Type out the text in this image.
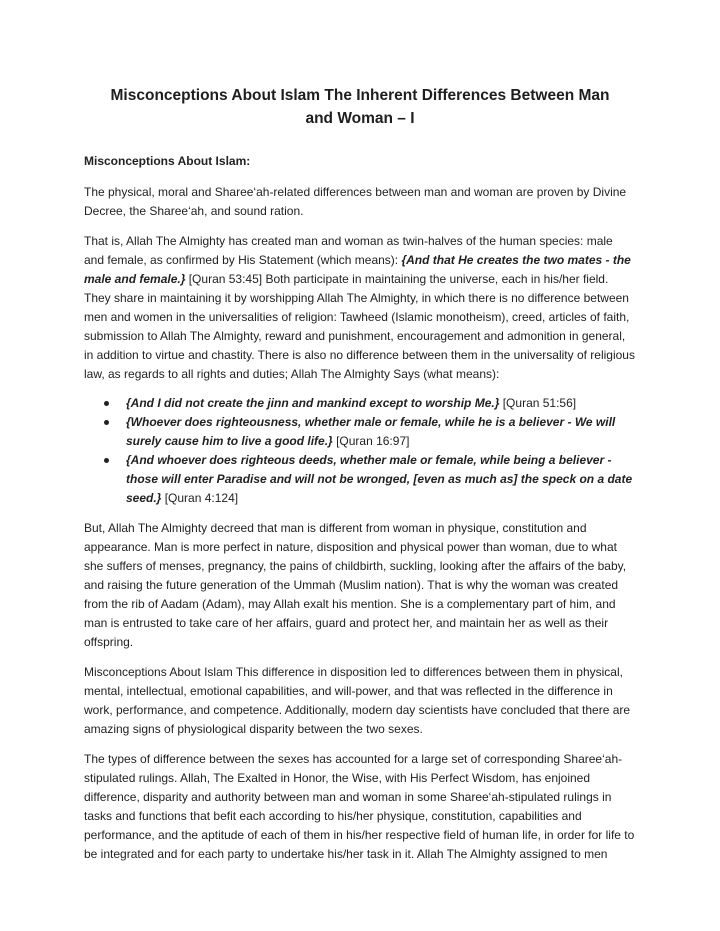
Misconceptions About Islam The Inherent Differences Between Man and Woman – I
Misconceptions About Islam:

The physical, moral and Sharee‘ah-related differences between man and woman are proven by Divine Decree, the Sharee‘ah, and sound ration.

That is, Allah The Almighty has created man and woman as twin-halves of the human species: male and female, as confirmed by His Statement (which means): {And that He creates the two mates - the male and female.} [Quran 53:45] Both participate in maintaining the universe, each in his/her field. They share in maintaining it by worshipping Allah The Almighty, in which there is no difference between men and women in the universalities of religion: Tawheed (Islamic monotheism), creed, articles of faith, submission to Allah The Almighty, reward and punishment, encouragement and admonition in general, in addition to virtue and chastity. There is also no difference between them in the universality of religious law, as regards to all rights and duties; Allah The Almighty Says (what means):

{And I did not create the jinn and mankind except to worship Me.} [Quran 51:56]
{Whoever does righteousness, whether male or female, while he is a believer - We will surely cause him to live a good life.} [Quran 16:97]
{And whoever does righteous deeds, whether male or female, while being a believer - those will enter Paradise and will not be wronged, [even as much as] the speck on a date seed.} [Quran 4:124]

But, Allah The Almighty decreed that man is different from woman in physique, constitution and appearance. Man is more perfect in nature, disposition and physical power than woman, due to what she suffers of menses, pregnancy, the pains of childbirth, suckling, looking after the affairs of the baby, and raising the future generation of the Ummah (Muslim nation). That is why the woman was created from the rib of Aadam (Adam), may Allah exalt his mention. She is a complementary part of him, and man is entrusted to take care of her affairs, guard and protect her, and maintain her as well as their offspring.

Misconceptions About Islam This difference in disposition led to differences between them in physical, mental, intellectual, emotional capabilities, and will-power, and that was reflected in the difference in work, performance, and competence. Additionally, modern day scientists have concluded that there are amazing signs of physiological disparity between the two sexes.

The types of difference between the sexes has accounted for a large set of corresponding Sharee‘ah-stipulated rulings. Allah, The Exalted in Honor, the Wise, with His Perfect Wisdom, has enjoined difference, disparity and authority between man and woman in some Sharee‘ah-stipulated rulings in tasks and functions that befit each according to his/her physique, constitution, capabilities and performance, and the aptitude of each of them in his/her respective field of human life, in order for life to be integrated and for each party to undertake his/her task in it. Allah The Almighty assigned to men
